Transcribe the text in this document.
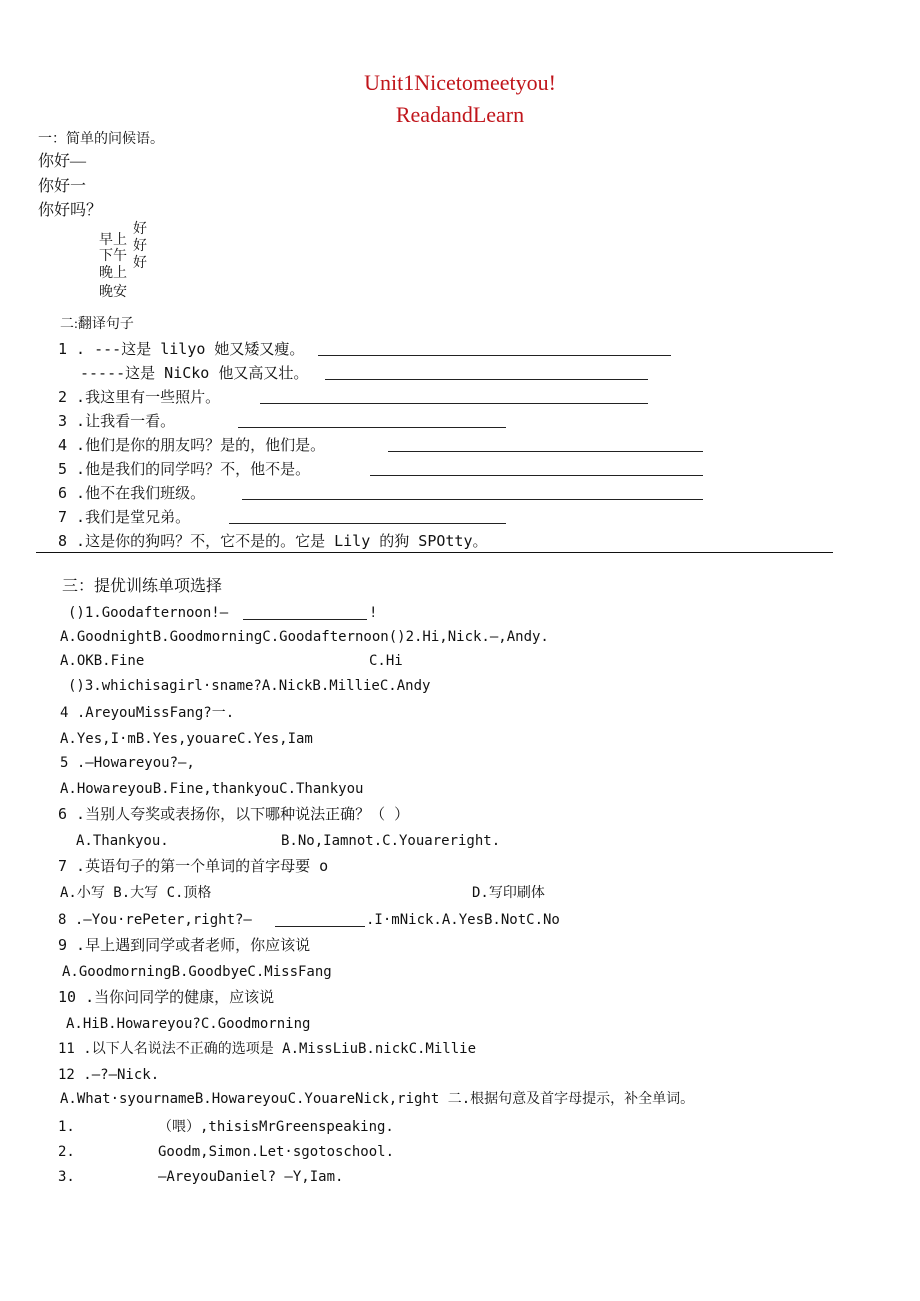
Unit1Nicetomeetyou!
ReadandLearn
一：简单的问候语。
你好—
你好一
你好吗？
好
早上 好
下午 好
晚上
晚安
二:翻译句子
1 . ---这是 lilyo 她又矮又瘦。
-----这是 NiCko 他又高又壮。
2 .我这里有一些照片。
3 .让我看一看。
4 .他们是你的朋友吗？是的，他们是。
5 .他是我们的同学吗？不，他不是。
6 .他不在我们班级。
7 .我们是堂兄弟。
8 .这是你的狗吗？不，它不是的。它是 Lily 的狗 SPOtty。
三：提优训练单项选择
()1.Goodafternoon!—	!
A.GoodnightB.GoodmorningC.Goodafternoon()2.Hi,Nick.—,Andy.
A.OKB.Fine	C.Hi
()3.whichisagirl·sname?A.NickB.MillieC.Andy
4 .AreyouMissFang?一.
A.Yes,I·mB.Yes,youareC.Yes,Iam
5 .—Howareyou?—,
A.HowareyouB.Fine,thankyouC.Thankyou
6 .当别人夸奖或表扬你，以下哪种说法正确？（ ）
A.Thankyou.	B.No,Iamnot.C.Youareright.
7 .英语句子的第一个单词的首字母要 o
A.小写 B.大写 C.顶格	D.写印刷体
8 .—You·rePeter,right?—	.I·mNick.A.YesB.NotC.No
9 .早上遇到同学或者老师，你应该说
A.GoodmorningB.GoodbyeC.MissFang
10 .当你问同学的健康，应该说
A.HiB.Howareyou?C.Goodmorning
11 .以下人名说法不正确的选项是 A.MissLiuB.nickC.Millie
12 .—?—Nick.
A.What·syournameB.HowareyouC.YouareNick,right 二.根据句意及首字母提示，补全单词。
1.	（喂）,thisisMrGreenspeaking.
2.	Goodm,Simon.Let·sgotoschool.
3.	—AreyouDaniel? —Y,Iam.
